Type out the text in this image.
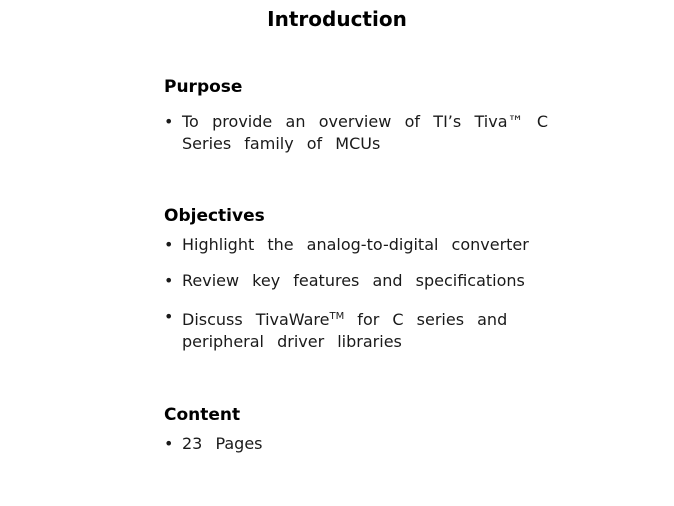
Introduction
Purpose
• To provide an overview of TI’s Tiva™ C
Series family of MCUs
Objectives
• Highlight the analog-to-digital converter
• Review key features and specifications
• Discuss TivaWare™ for C series and
peripheral driver libraries
Content
• 23 Pages
